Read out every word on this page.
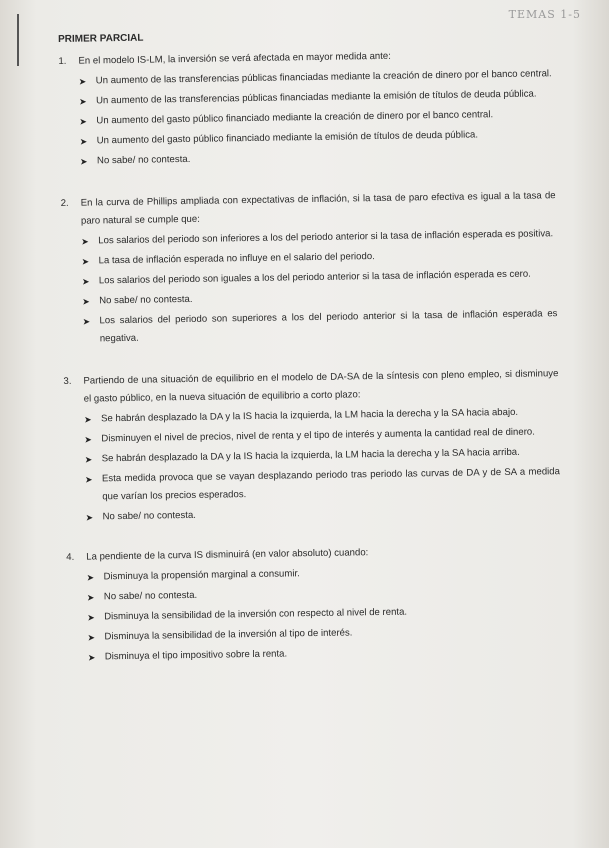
TEMAS 1-5
PRIMER PARCIAL
1. En el modelo IS-LM, la inversión se verá afectada en mayor medida ante:
➤ Un aumento de las transferencias públicas financiadas mediante la creación de dinero por el banco central.
➤ Un aumento de las transferencias públicas financiadas mediante la emisión de títulos de deuda pública.
➤ Un aumento del gasto público financiado mediante la creación de dinero por el banco central.
➤ Un aumento del gasto público financiado mediante la emisión de títulos de deuda pública.
➤ No sabe/ no contesta.
2. En la curva de Phillips ampliada con expectativas de inflación, si la tasa de paro efectiva es igual a la tasa de paro natural se cumple que:
➤ Los salarios del periodo son inferiores a los del periodo anterior si la tasa de inflación esperada es positiva.
➤ La tasa de inflación esperada no influye en el salario del periodo.
➤ Los salarios del periodo son iguales a los del periodo anterior si la tasa de inflación esperada es cero.
➤ No sabe/ no contesta.
➤ Los salarios del periodo son superiores a los del periodo anterior si la tasa de inflación esperada es negativa.
3. Partiendo de una situación de equilibrio en el modelo de DA-SA de la síntesis con pleno empleo, si disminuye el gasto público, en la nueva situación de equilibrio a corto plazo:
➤ Se habrán desplazado la DA y la IS hacia la izquierda, la LM hacia la derecha y la SA hacia abajo.
➤ Disminuyen el nivel de precios, nivel de renta y el tipo de interés y aumenta la cantidad real de dinero.
➤ Se habrán desplazado la DA y la IS hacia la izquierda, la LM hacia la derecha y la SA hacia arriba.
➤ Esta medida provoca que se vayan desplazando periodo tras periodo las curvas de DA y de SA a medida que varían los precios esperados.
➤ No sabe/ no contesta.
4. La pendiente de la curva IS disminuirá (en valor absoluto) cuando:
➤ Disminuya la propensión marginal a consumir.
➤ No sabe/ no contesta.
➤ Disminuya la sensibilidad de la inversión con respecto al nivel de renta.
➤ Disminuya la sensibilidad de la inversión al tipo de interés.
➤ Disminuya el tipo impositivo sobre la renta.
